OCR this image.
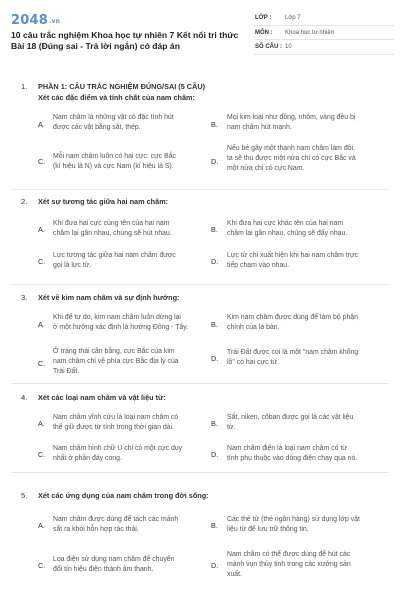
2048.vn
10 câu trắc nghiệm Khoa học tự nhiên 7 Kết nối tri thức Bài 18 (Đúng sai - Trả lời ngắn) có đáp án
LỚP : Lớp 7
MÔN : Khoa học tự nhiên
SỐ CÂU : 10
1. PHẦN 1: CÂU TRẮC NGHIỆM ĐÚNG/SAI (5 CÂU)
Xét các đặc điểm và tính chất của nam châm:
A.
Nam châm là những vật có đặc tính hút
được các vật bằng sắt, thép.	B.
Mọi kim loại như đồng, nhôm, vàng đều bị
nam châm hút mạnh.
C.
Mỗi nam châm luôn có hai cực: cực Bắc
(kí hiệu là N) và cực Nam (kí hiệu là S).
D.
Nếu bẻ gãy một thanh nam châm làm đôi,
ta sẽ thu được một nửa chỉ có cực Bắc và
một nửa chỉ có cực Nam.
2. Xét sự tương tác giữa hai nam châm:
A.
Khi đưa hai cực cùng tên của hai nam
châm lại gần nhau, chúng sẽ hút nhau.	B.
Khi đưa hai cực khác tên của hai nam
châm lại gần nhau, chúng sẽ đẩy nhau.
C.
Lực tương tác giữa hai nam châm được
gọi là lực từ.	D.
Lực từ chỉ xuất hiện khi hai nam châm trực
tiếp chạm vào nhau.
3. Xét về kim nam châm và sự định hướng:
A.
Khi để tự do, kim nam châm luôn dừng lại
ở một hướng xác định là hướng Đông - Tây.	B.
Kim nam châm được dùng để làm bộ phận
chính của la bàn.
C.
Ở trạng thái cân bằng, cực Bắc của kim
nam châm chỉ về phía cực Bắc địa lý của
Trái Đất.
D.
Trái Đất được coi là một "nam châm khổng
lồ" có hai cực từ.
4. Xét các loại nam châm và vật liệu từ:
A.
Nam châm vĩnh cửu là loại nam châm có
thể giữ được từ tính trong thời gian dài.	B.
Sắt, niken, côban được gọi là các vật liệu
từ.
C.
Nam châm hình chữ U chỉ có một cực duy
nhất ở phần đáy cong.	D.
Nam châm điện là loại nam châm có từ
tính phụ thuộc vào dòng điện chạy qua nó.
5. Xét các ứng dụng của nam châm trong đời sống:
A.
Nam châm được dùng để tách các mảnh
sắt ra khỏi hỗn hợp rác thải.	B.
Các thẻ từ (thẻ ngân hàng) sử dụng lớp vật
liệu từ để lưu trữ thông tin.
C.
Loa điện sử dụng nam châm để chuyển
đổi tín hiệu điện thành âm thanh.	D.
Nam châm có thể được dùng để hút các
mảnh vụn thủy tinh trong các xưởng sản
xuất.
